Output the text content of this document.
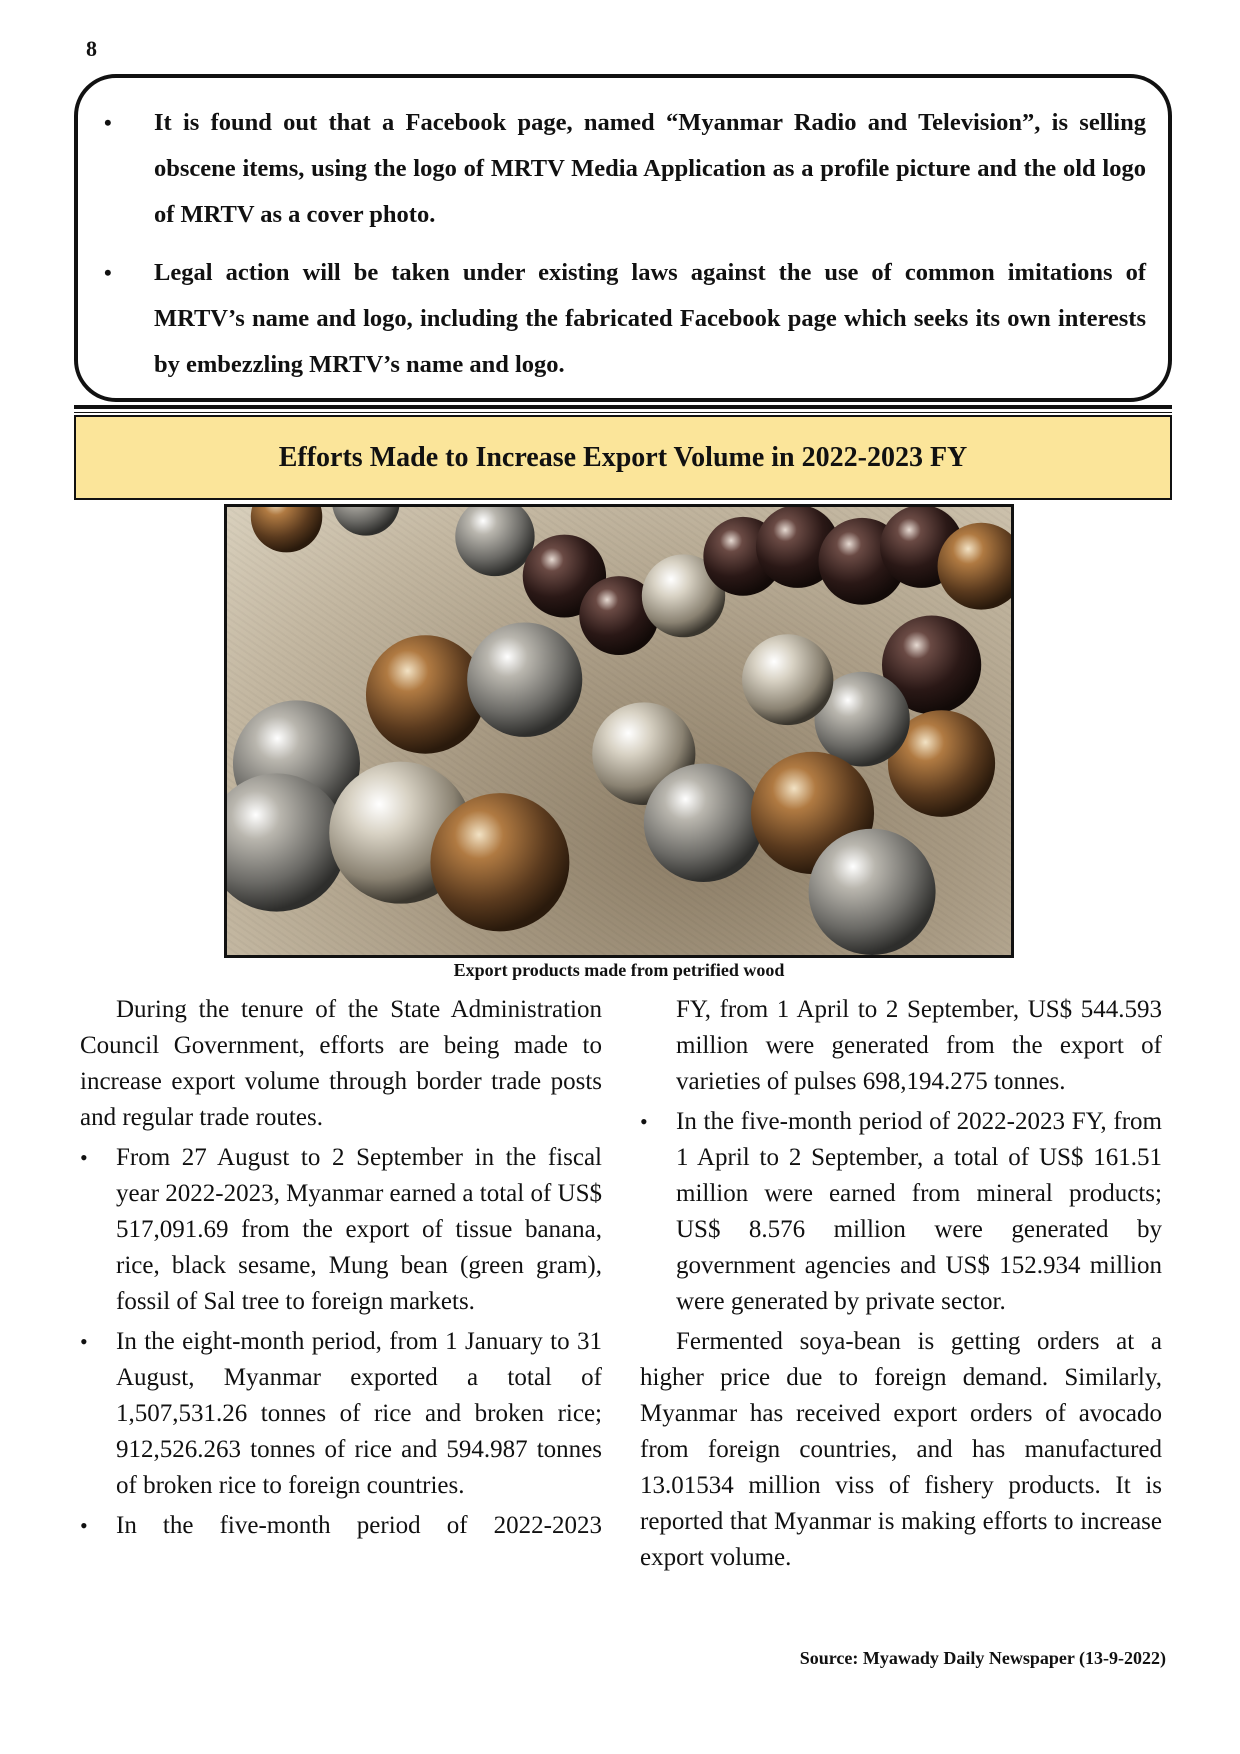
8
• It is found out that a Facebook page, named “Myanmar Radio and Television”, is selling obscene items, using the logo of MRTV Media Application as a profile picture and the old logo of MRTV as a cover photo.
• Legal action will be taken under existing laws against the use of common imitations of MRTV’s name and logo, including the fabricated Facebook page which seeks its own interests by embezzling MRTV’s name and logo.
Efforts Made to Increase Export Volume in 2022-2023 FY
Export products made from petrified wood

During the tenure of the State Administration Council Government, efforts are being made to increase export volume through border trade posts and regular trade routes.

• From 27 August to 2 September in the fiscal year 2022-2023, Myanmar earned a total of US$ 517,091.69 from the export of tissue banana, rice, black sesame, Mung bean (green gram), fossil of Sal tree to foreign markets.
• In the eight-month period, from 1 January to 31 August, Myanmar exported a total of 1,507,531.26 tonnes of rice and broken rice; 912,526.263 tonnes of rice and 594.987 tonnes of broken rice to foreign countries.
• In the five-month period of 2022-2023

FY, from 1 April to 2 September, US$ 544.593 million were generated from the export of varieties of pulses 698,194.275 tonnes.

• In the five-month period of 2022-2023 FY, from 1 April to 2 September, a total of US$ 161.51 million were earned from mineral products; US$ 8.576 million were generated by government agencies and US$ 152.934 million were generated by private sector.

Fermented soya-bean is getting orders at a higher price due to foreign demand. Similarly, Myanmar has received export orders of avocado from foreign countries, and has manufactured 13.01534 million viss of fishery products. It is reported that Myanmar is making efforts to increase export volume.

Source: Myawady Daily Newspaper (13-9-2022)
